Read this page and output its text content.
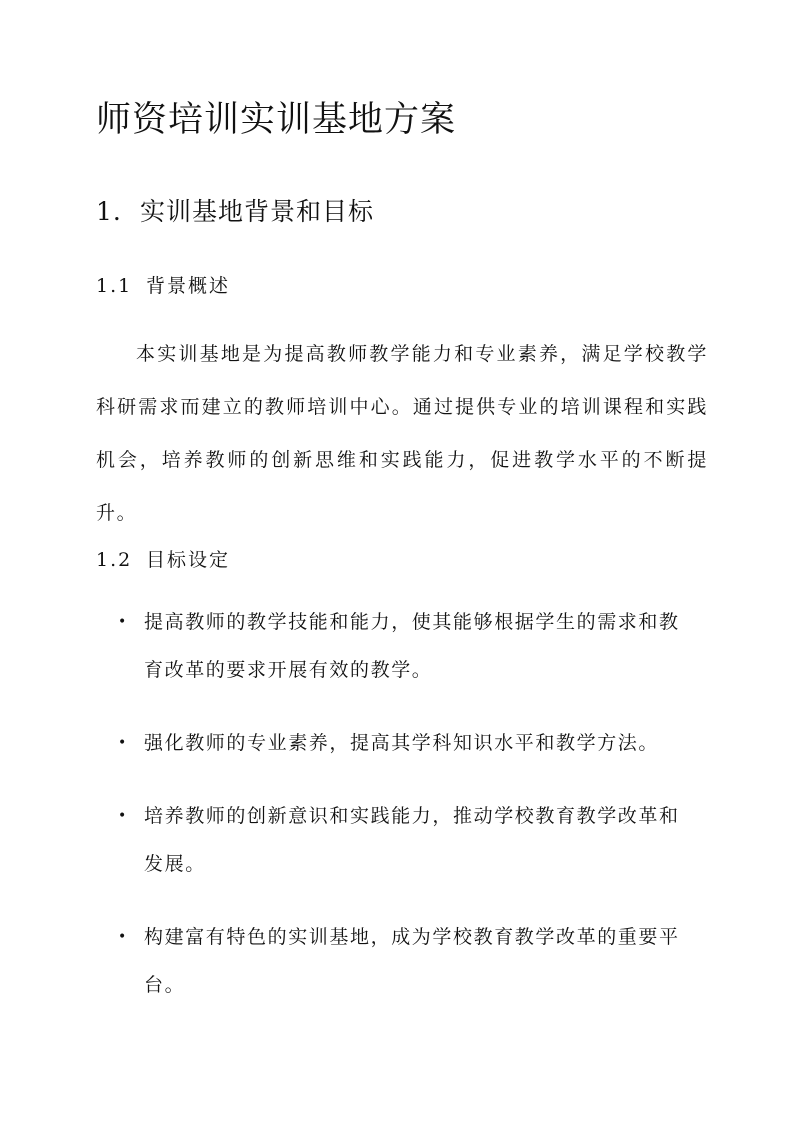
师资培训实训基地方案
1. 实训基地背景和目标
1.1 背景概述

本实训基地是为提高教师教学能力和专业素养，满足学校教学科研需求而建立的教师培训中心。通过提供专业的培训课程和实践机会，培养教师的创新思维和实践能力，促进教学水平的不断提升。

1.2 目标设定
• 提高教师的教学技能和能力，使其能够根据学生的需求和教育改革的要求开展有效的教学。
• 强化教师的专业素养，提高其学科知识水平和教学方法。
• 培养教师的创新意识和实践能力，推动学校教育教学改革和发展。
• 构建富有特色的实训基地，成为学校教育教学改革的重要平台。
